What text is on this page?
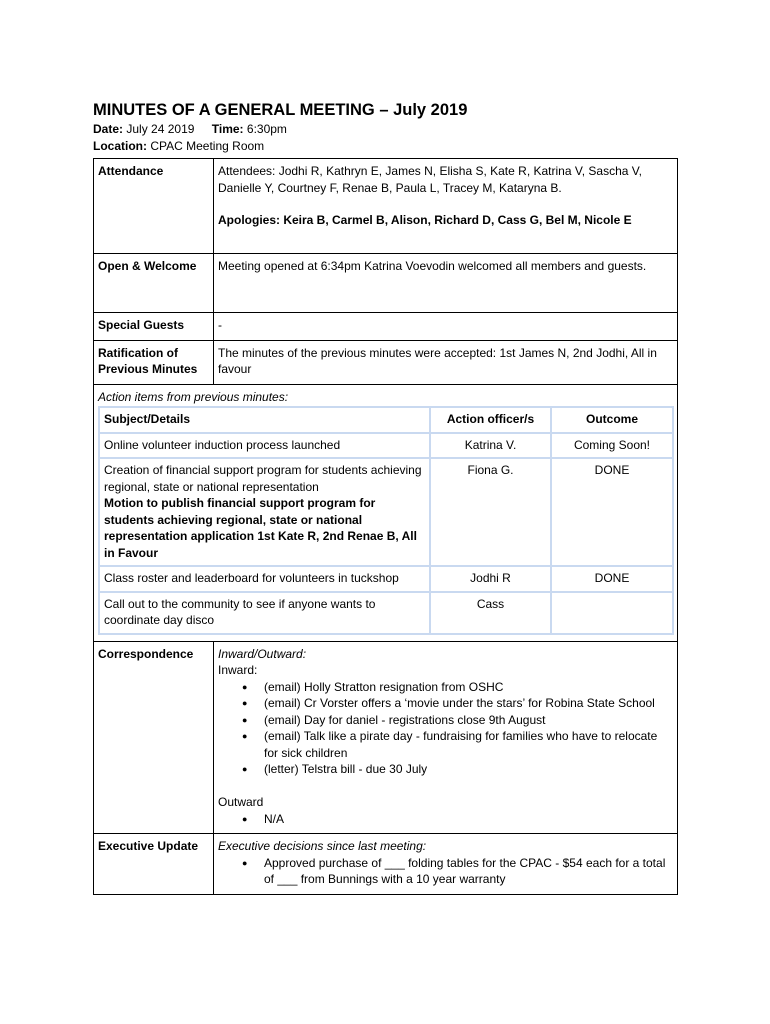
MINUTES OF A GENERAL MEETING – July 2019
Date: July 24 2019 Time: 6:30pm
Location: CPAC Meeting Room
Attendance	Attendees: Jodhi R, Kathryn E, James N, Elisha S, Kate R, Katrina V, Sascha V, Danielle Y, Courtney F, Renae B, Paula L, Tracey M, Kataryna B.
Apologies: Keira B, Carmel B, Alison, Richard D, Cass G, Bel M, Nicole E

Open & Welcome	Meeting opened at 6:34pm Katrina Voevodin welcomed all members and guests.
Special Guests	-
Ratification of Previous Minutes	The minutes of the previous minutes were accepted: 1st James N, 2nd Jodhi, All in favour

Action items from previous minutes:
Subject/Details	Action officer/s	Outcome
Online volunteer induction process launched	Katrina V.	Coming Soon!

Creation of financial support program for students achieving regional, state or national representation
Motion to publish financial support program for students achieving regional, state or national representation application 1st Kate R, 2nd Renae B, All in Favour
	Fiona G.	DONE
Class roster and leaderboard for volunteers in tuckshop	Jodhi R	DONE
Call out to the community to see if anyone wants to coordinate day disco	Cass	

Correspondence	Inward/Outward:
Inward:
● (email) Holly Stratton resignation from OSHC
● (email) Cr Vorster offers a ‘movie under the stars’ for Robina State School
● (email) Day for daniel - registrations close 9th August
● (email) Talk like a pirate day - fundraising for families who have to relocate for sick children
● (letter) Telstra bill - due 30 July
Outward
● N/A

Executive Update	Executive decisions since last meeting:
● Approved purchase of ___ folding tables for the CPAC - $54 each for a total of ___ from Bunnings with a 10 year warranty
